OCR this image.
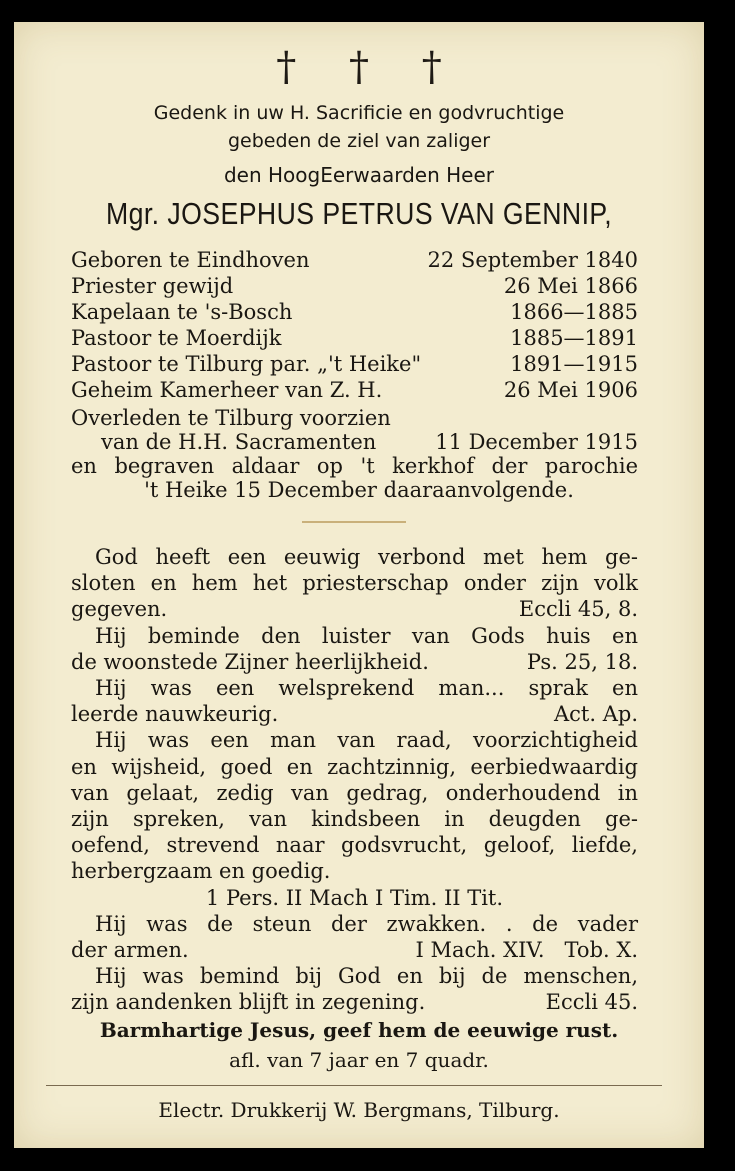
† † †
Gedenk in uw H. Sacrificie en godvruchtige
gebeden de ziel van zaliger
den HoogEerwaarden Heer
Mgr. JOSEPHUS PETRUS VAN GENNIP,
Geboren te Eindhoven	22 September 1840
Priester gewijd	26 Mei 1866
Kapelaan te 's-Bosch	1866—1885
Pastoor te Moerdijk	1885—1891
Pastoor te Tilburg par. „'t Heike"	1891—1915
Geheim Kamerheer van Z. H.	26 Mei 1906
Overleden te Tilburg voorzien
van de H.H. Sacramenten	11 December 1915
en begraven aldaar op 't kerkhof der parochie
't Heike 15 December daaraanvolgende.
God heeft een eeuwig verbond met hem ge-
sloten en hem het priesterschap onder zijn volk
gegeven.	Eccli 45, 8.
Hij beminde den luister van Gods huis en
de woonstede Zijner heerlijkheid.	Ps. 25, 18.
Hij was een welsprekend man... sprak en
leerde nauwkeurig.	Act. Ap.
Hij was een man van raad, voorzichtigheid
en wijsheid, goed en zachtzinnig, eerbiedwaardig
van gelaat, zedig van gedrag, onderhoudend in
zijn spreken, van kindsbeen in deugden ge-
oefend, strevend naar godsvrucht, geloof, liefde,
herbergzaam en goedig.
1 Pers. II Mach I Tim. II Tit.
Hij was de steun der zwakken. . de vader
der armen.	I Mach. XIV.   Tob. X.
Hij was bemind bij God en bij de menschen,
zijn aandenken blijft in zegening.	Eccli 45.
Barmhartige Jesus, geef hem de eeuwige rust.
afl. van 7 jaar en 7 quadr.
Electr. Drukkerij W. Bergmans, Tilburg.
